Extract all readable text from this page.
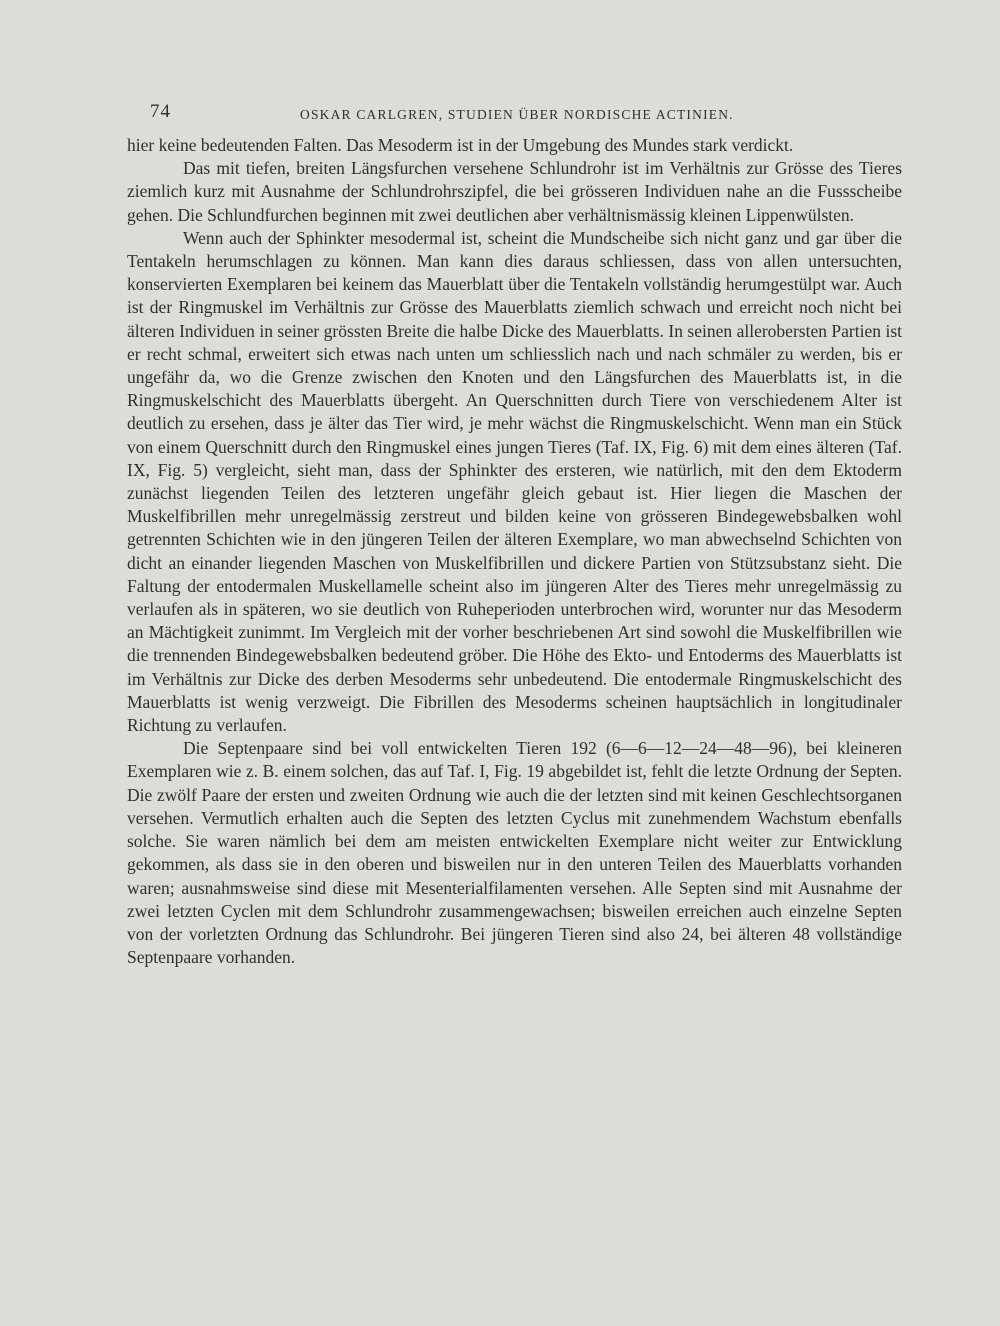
74	OSKAR CARLGREN, STUDIEN ÜBER NORDISCHE ACTINIEN.

hier keine bedeutenden Falten. Das Mesoderm ist in der Umgebung des Mundes stark verdickt.

Das mit tiefen, breiten Längsfurchen versehene Schlundrohr ist im Verhältnis zur Grösse des Tieres ziemlich kurz mit Ausnahme der Schlundrohrszipfel, die bei grösseren Individuen nahe an die Fussscheibe gehen. Die Schlundfurchen beginnen mit zwei deutlichen aber verhältnismässig kleinen Lippenwülsten.

Wenn auch der Sphinkter mesodermal ist, scheint die Mundscheibe sich nicht ganz und gar über die Tentakeln herumschlagen zu können. Man kann dies daraus schliessen, dass von allen untersuchten, konservierten Exemplaren bei keinem das Mauerblatt über die Tentakeln vollständig herumgestülpt war. Auch ist der Ringmuskel im Verhältnis zur Grösse des Mauerblatts ziemlich schwach und erreicht noch nicht bei älteren Individuen in seiner grössten Breite die halbe Dicke des Mauerblatts. In seinen allerobersten Partien ist er recht schmal, erweitert sich etwas nach unten um schliesslich nach und nach schmäler zu werden, bis er ungefähr da, wo die Grenze zwischen den Knoten und den Längsfurchen des Mauerblatts ist, in die Ringmuskelschicht des Mauerblatts übergeht. An Querschnitten durch Tiere von verschiedenem Alter ist deutlich zu ersehen, dass je älter das Tier wird, je mehr wächst die Ringmuskelschicht. Wenn man ein Stück von einem Querschnitt durch den Ringmuskel eines jungen Tieres (Taf. IX, Fig. 6) mit dem eines älteren (Taf. IX, Fig. 5) vergleicht, sieht man, dass der Sphinkter des ersteren, wie natürlich, mit den dem Ektoderm zunächst liegenden Teilen des letzteren ungefähr gleich gebaut ist. Hier liegen die Maschen der Muskelfibrillen mehr unregelmässig zerstreut und bilden keine von grösseren Bindegewebsbalken wohl getrennten Schichten wie in den jüngeren Teilen der älteren Exemplare, wo man abwechselnd Schichten von dicht an einander liegenden Maschen von Muskelfibrillen und dickere Partien von Stützsubstanz sieht. Die Faltung der entodermalen Muskellamelle scheint also im jüngeren Alter des Tieres mehr unregelmässig zu verlaufen als in späteren, wo sie deutlich von Ruheperioden unterbrochen wird, worunter nur das Mesoderm an Mächtigkeit zunimmt. Im Vergleich mit der vorher beschriebenen Art sind sowohl die Muskelfibrillen wie die trennenden Bindegewebsbalken bedeutend gröber. Die Höhe des Ekto- und Entoderms des Mauerblatts ist im Verhältnis zur Dicke des derben Mesoderms sehr unbedeutend. Die entodermale Ringmuskelschicht des Mauerblatts ist wenig verzweigt. Die Fibrillen des Mesoderms scheinen hauptsächlich in longitudinaler Richtung zu verlaufen.

Die Septenpaare sind bei voll entwickelten Tieren 192 (6—6—12—24—48—96), bei kleineren Exemplaren wie z. B. einem solchen, das auf Taf. I, Fig. 19 abgebildet ist, fehlt die letzte Ordnung der Septen. Die zwölf Paare der ersten und zweiten Ordnung wie auch die der letzten sind mit keinen Geschlechtsorganen versehen. Vermutlich erhalten auch die Septen des letzten Cyclus mit zunehmendem Wachstum ebenfalls solche. Sie waren nämlich bei dem am meisten entwickelten Exemplare nicht weiter zur Entwicklung gekommen, als dass sie in den oberen und bisweilen nur in den unteren Teilen des Mauerblatts vorhanden waren; ausnahmsweise sind diese mit Mesenterialfilamenten versehen. Alle Septen sind mit Ausnahme der zwei letzten Cyclen mit dem Schlundrohr zusammengewachsen; bisweilen erreichen auch einzelne Septen von der vorletzten Ordnung das Schlundrohr. Bei jüngeren Tieren sind also 24, bei älteren 48 vollständige Septenpaare vorhanden.
